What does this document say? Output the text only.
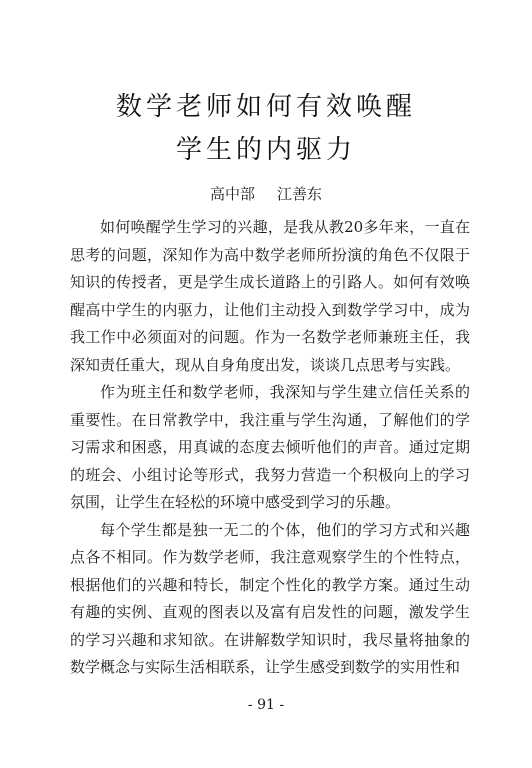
数学老师如何有效唤醒
学生的内驱力
高中部 江善东

如何唤醒学生学习的兴趣，是我从教20多年来，一直在思考的问题，深知作为高中数学老师所扮演的角色不仅限于知识的传授者，更是学生成长道路上的引路人。如何有效唤醒高中学生的内驱力，让他们主动投入到数学学习中，成为我工作中必须面对的问题。作为一名数学老师兼班主任，我深知责任重大，现从自身角度出发，谈谈几点思考与实践。

作为班主任和数学老师，我深知与学生建立信任关系的重要性。在日常教学中，我注重与学生沟通，了解他们的学习需求和困惑，用真诚的态度去倾听他们的声音。通过定期的班会、小组讨论等形式，我努力营造一个积极向上的学习氛围，让学生在轻松的环境中感受到学习的乐趣。

每个学生都是独一无二的个体，他们的学习方式和兴趣点各不相同。作为数学老师，我注意观察学生的个性特点，根据他们的兴趣和特长，制定个性化的教学方案。通过生动有趣的实例、直观的图表以及富有启发性的问题，激发学生的学习兴趣和求知欲。在讲解数学知识时，我尽量将抽象的数学概念与实际生活相联系，让学生感受到数学的实用性和

- 91 -
